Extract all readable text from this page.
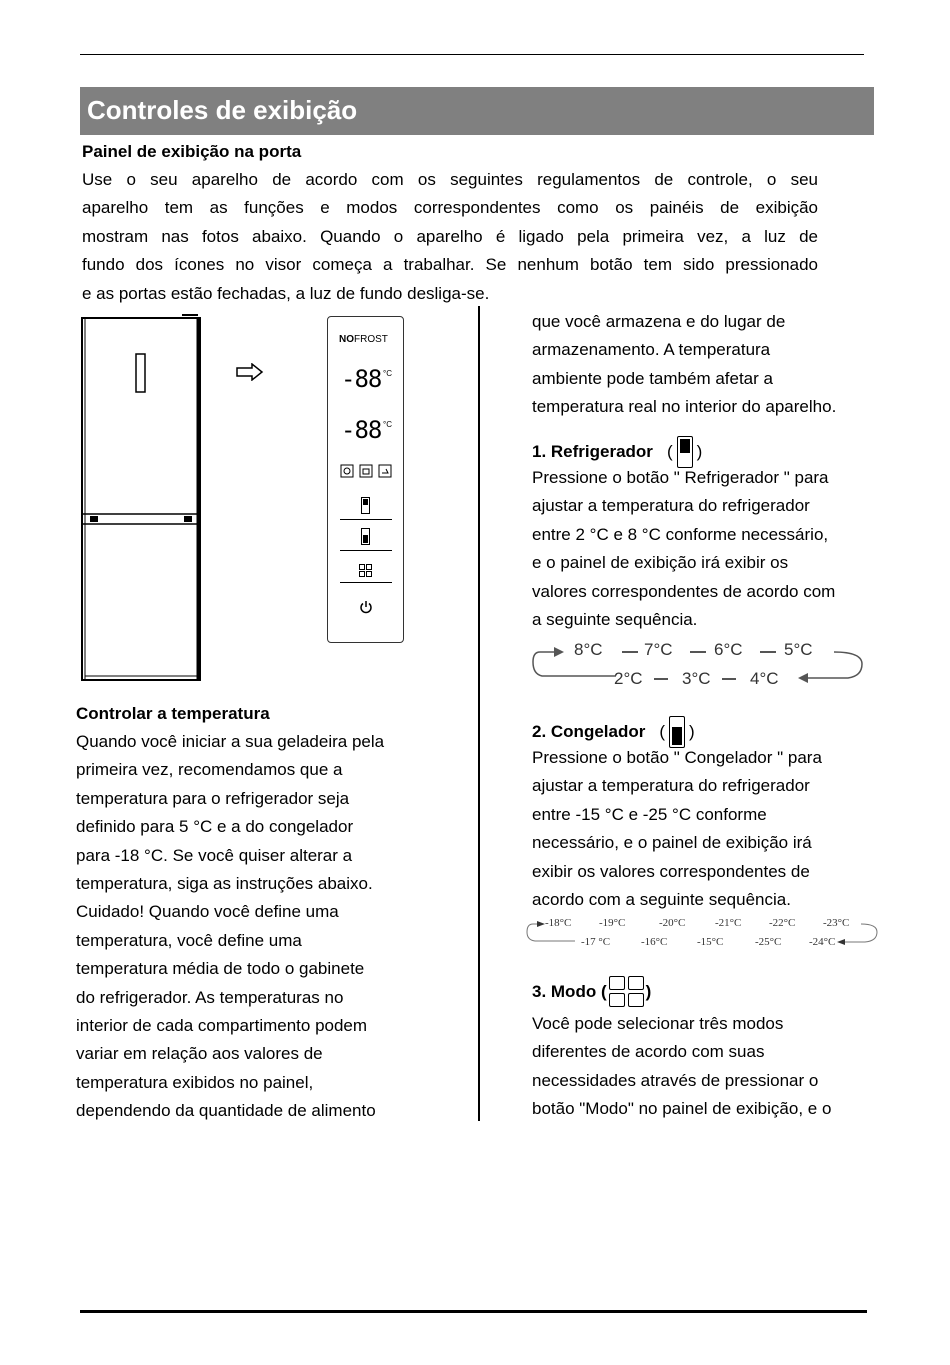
Controles de exibição
Painel de exibição na porta
Use o seu aparelho de acordo com os seguintes regulamentos de controle, o seu
aparelho tem as funções e modos correspondentes como os painéis de exibição
mostram nas fotos abaixo. Quando o aparelho é ligado pela primeira vez, a luz de
fundo dos ícones no visor começa a trabalhar. Se nenhum botão tem sido pressionado
e as portas estão fechadas, a luz de fundo desliga-se.
NOFROST
-88 °C
-88 °C
Controlar a temperatura
Quando você iniciar a sua geladeira pela
primeira vez, recomendamos que a
temperatura para o refrigerador seja
definido para 5 °C e a do congelador
para -18 °C. Se você quiser alterar a
temperatura, siga as instruções abaixo.
Cuidado! Quando você define uma
temperatura, você define uma
temperatura média de todo o gabinete
do refrigerador. As temperaturas no
interior de cada compartimento podem
variar em relação aos valores de
temperatura exibidos no painel,
dependendo da quantidade de alimento
que você armazena e do lugar de
armazenamento. A temperatura
ambiente pode também afetar a
temperatura real no interior do aparelho.
1. Refrigerador ( )
Pressione o botão " Refrigerador " para
ajustar a temperatura do refrigerador
entre 2 °C e 8 °C conforme necessário,
e o painel de exibição irá exibir os
valores correspondentes de acordo com
a seguinte sequência.
8°C 7°C 6°C 5°C
2°C 3°C 4°C
2. Congelador ( )
Pressione o botão " Congelador " para
ajustar a temperatura do refrigerador
entre -15 °C e -25 °C conforme
necessário, e o painel de exibição irá
exibir os valores correspondentes de
acordo com a seguinte sequência.
-18°C	-19°C	-20°C	-21°C	-22°C	-23°C
-17 °C	-16°C	-15°C	-25°C	-24°C
3. Modo ( )
Você pode selecionar três modos
diferentes de acordo com suas
necessidades através de pressionar o
botão "Modo" no painel de exibição, e o
